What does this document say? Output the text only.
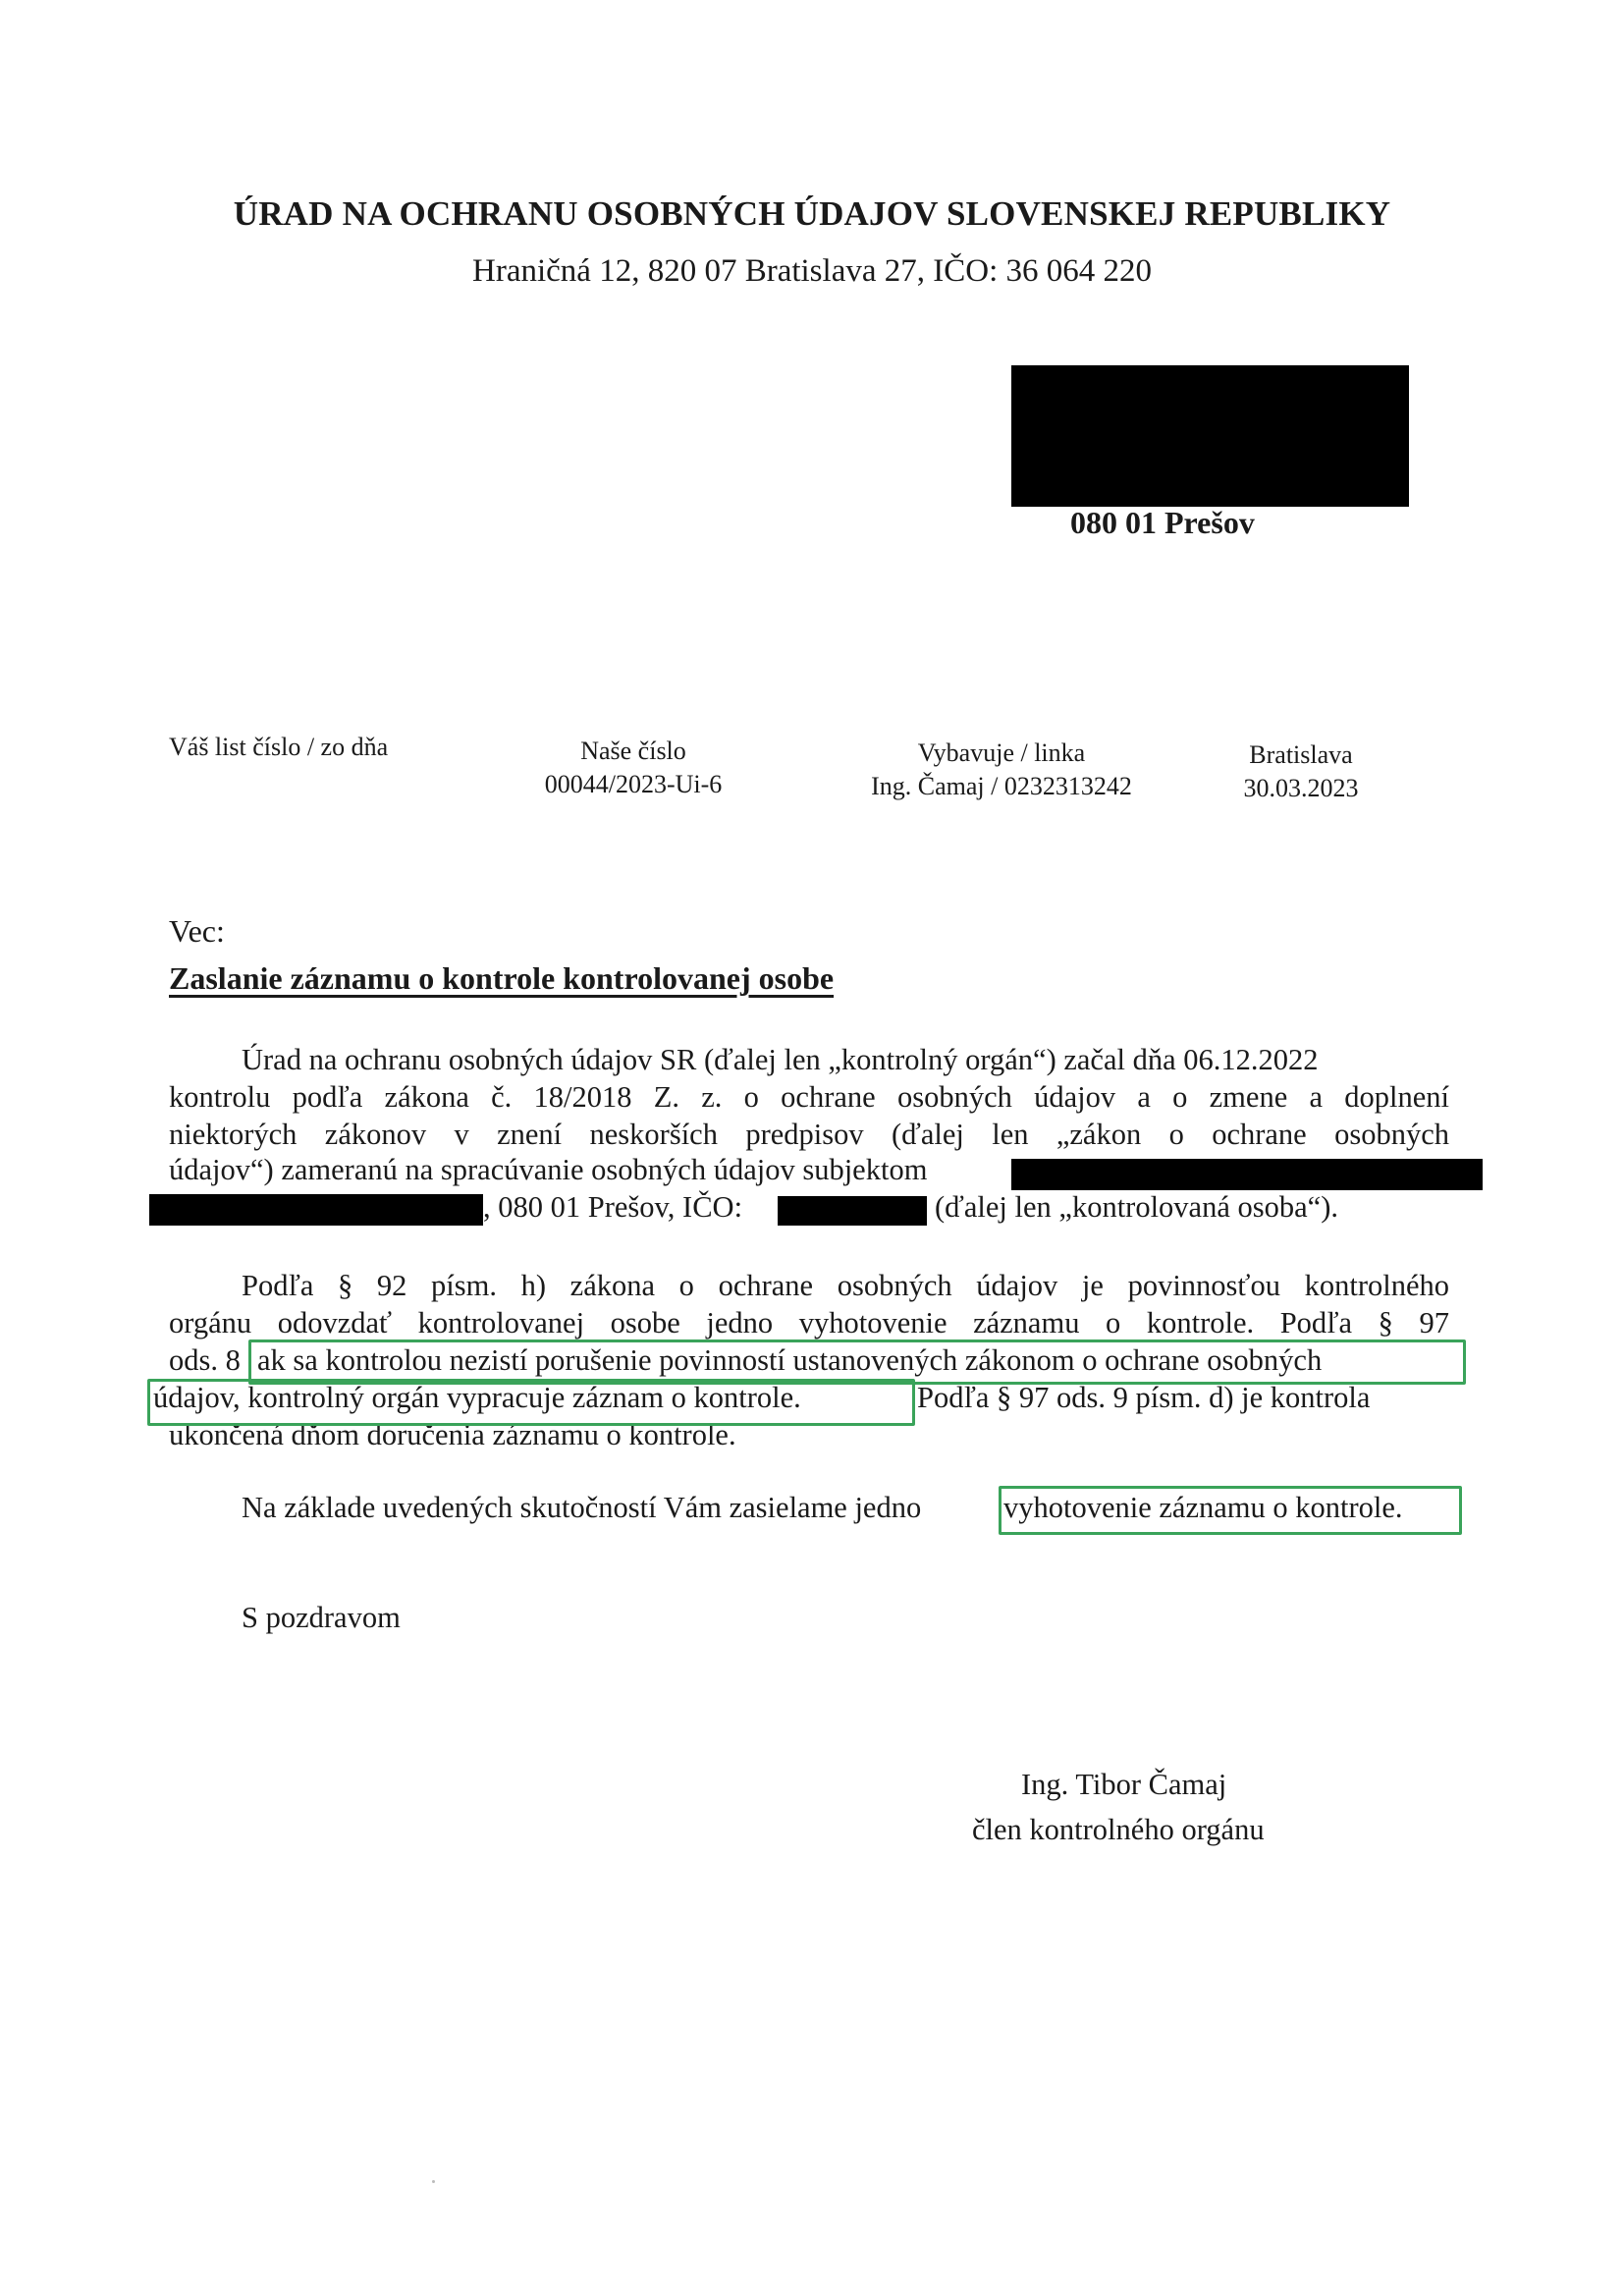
ÚRAD NA OCHRANU OSOBNÝCH ÚDAJOV SLOVENSKEJ REPUBLIKY
Hraničná 12, 820 07 Bratislava 27, IČO: 36 064 220
080 01 Prešov
Váš list číslo / zo dňa	Naše číslo
00044/2023-Ui-6
Vybavuje / linka
Ing. Čamaj / 0232313242
Bratislava
30.03.2023
Vec:
Zaslanie záznamu o kontrole kontrolovanej osobe
Úrad na ochranu osobných údajov SR (ďalej len „kontrolný orgán“) začal dňa 06.12.2022
kontrolu podľa zákona č. 18/2018 Z. z. o ochrane osobných údajov a o zmene a doplnení
niektorých zákonov v znení neskorších predpisov (ďalej len „zákon o ochrane osobných
údajov“) zameranú na spracúvanie osobných údajov subjektom
, 080 01 Prešov, IČO:	(ďalej len „kontrolovaná osoba“).
Podľa § 92 písm. h) zákona o ochrane osobných údajov je povinnosťou kontrolného
orgánu odovzdať kontrolovanej osobe jedno vyhotovenie záznamu o kontrole. Podľa § 97
ods. 8 ak sa kontrolou nezistí porušenie povinností ustanovených zákonom o ochrane osobných
údajov, kontrolný orgán vypracuje záznam o kontrole.	Podľa § 97 ods. 9 písm. d) je kontrola
ukončená dňom doručenia záznamu o kontrole.
Na základe uvedených skutočností Vám zasielame jedno	vyhotovenie záznamu o kontrole.
S pozdravom
Ing. Tibor Čamaj
člen kontrolného orgánu
